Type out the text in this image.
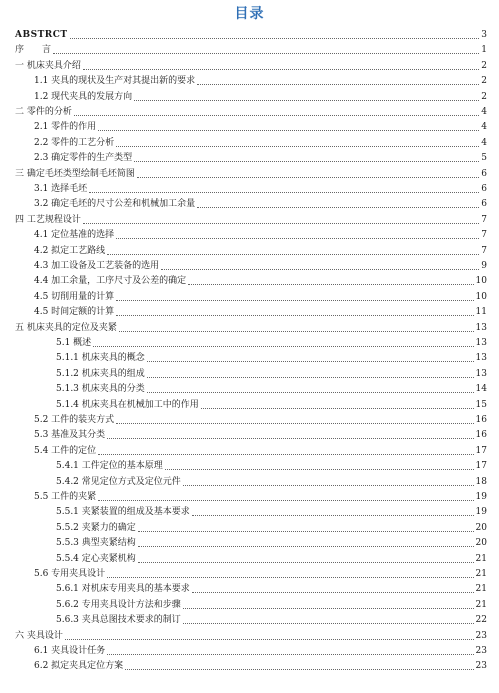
目录
ABSTRCT	3
序　　言	1
一 机床夹具介绍	2
1.1 夹具的现状及生产对其提出新的要求	2
1.2 现代夹具的发展方向	2
二 零件的分析	4
2.1 零件的作用	4
2.2 零件的工艺分析	4
2.3 确定零件的生产类型	5
三 确定毛坯类型绘制毛坯简图	6
3.1 选择毛坯	6
3.2 确定毛坯的尺寸公差和机械加工余量	6
四 工艺规程设计	7
4.1 定位基准的选择	7
4.2 拟定工艺路线	7
4.3 加工设备及工艺装备的选用	9
4.4 加工余量，工序尺寸及公差的确定	10
4.5 切削用量的计算	10
4.5 时间定额的计算	11
五 机床夹具的定位及夹紧	13
5.1 概述	13
5.1.1 机床夹具的概念	13
5.1.2 机床夹具的组成	13
5.1.3 机床夹具的分类	14
5.1.4 机床夹具在机械加工中的作用	15
5.2 工件的装夹方式	16
5.3 基准及其分类	16
5.4 工件的定位	17
5.4.1 工件定位的基本原理	17
5.4.2 常见定位方式及定位元件	18
5.5 工件的夹紧	19
5.5.1 夹紧装置的组成及基本要求	19
5.5.2 夹紧力的确定	20
5.5.3 典型夹紧结构	20
5.5.4 定心夹紧机构	21
5.6 专用夹具设计	21
5.6.1 对机床专用夹具的基本要求	21
5.6.2 专用夹具设计方法和步骤	21
5.6.3 夹具总图技术要求的制订	22
六 夹具设计	23
6.1 夹具设计任务	23
6.2 拟定夹具定位方案	23
